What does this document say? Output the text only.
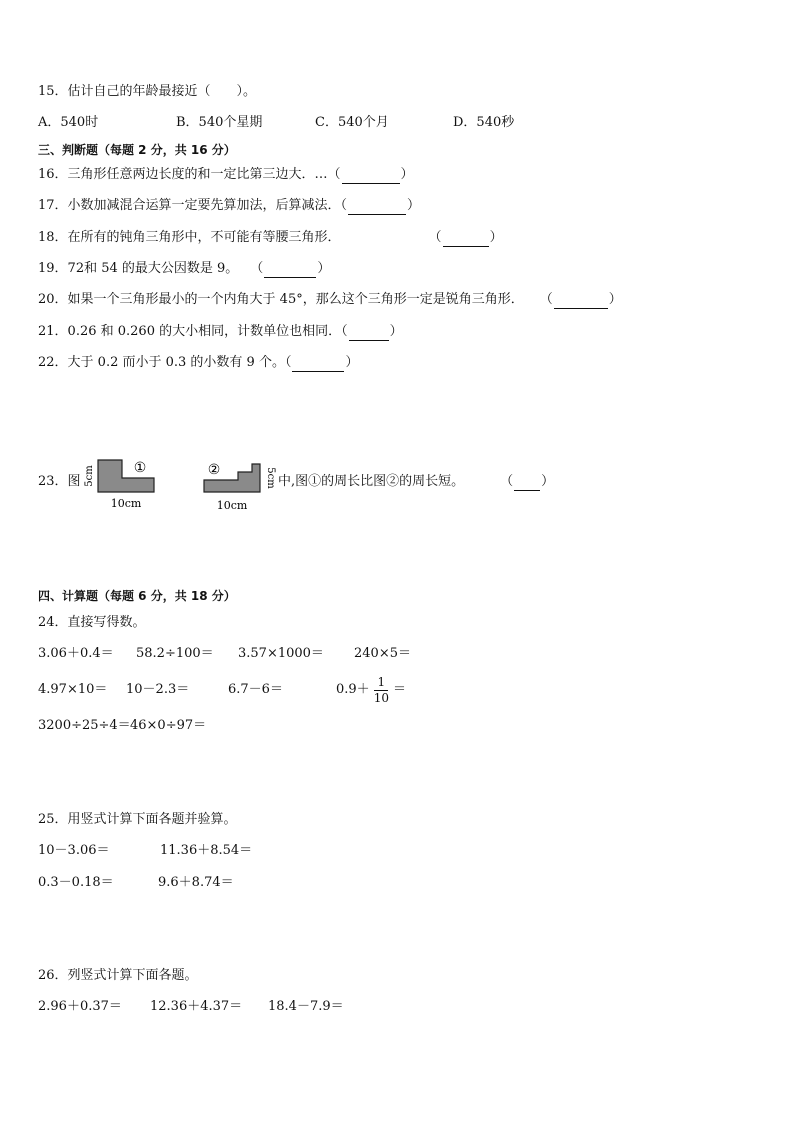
15．估计自己的年龄最接近（　　）。
A．540时	B．540个星期	C．540个月	D．540秒
三、判断题（每题 2 分，共 16 分）
16．三角形任意两边长度的和一定比第三边大．…（	）
17．小数加减混合运算一定要先算加法，后算减法．（	）
18．在所有的钝角三角形中，不可能有等腰三角形．	（	）
19．72和 54 的最大公因数是 9。 （	）
20．如果一个三角形最小的一个内角大于 45°，那么这个三角形一定是锐角三角形． （	）
21．0.26 和 0.260 的大小相同，计数单位也相同．（	）
22．大于 0.2 而小于 0.3 的小数有 9 个。（	）
23．图 5cm	①
10cm
②	5cm
10cm
中,图①的周长比图②的周长短。	（ ）
四、计算题（每题 6 分，共 18 分）
24．直接写得数。
3.06＋0.4＝ 58.2÷100＝ 3.57×1000＝ 240×5＝
4.97×10＝ 10－2.3＝	6.7－6＝	$0.9+ \frac{1}{10}$ ＝
3200÷25÷4＝ 46×0÷97＝
25．用竖式计算下面各题并验算。
10－3.06＝	11.36＋8.54＝
0.3－0.18＝	9.6＋8.74＝
26．列竖式计算下面各题。
2.96＋0.37＝ 12.36＋4.37＝ 18.4－7.9＝
